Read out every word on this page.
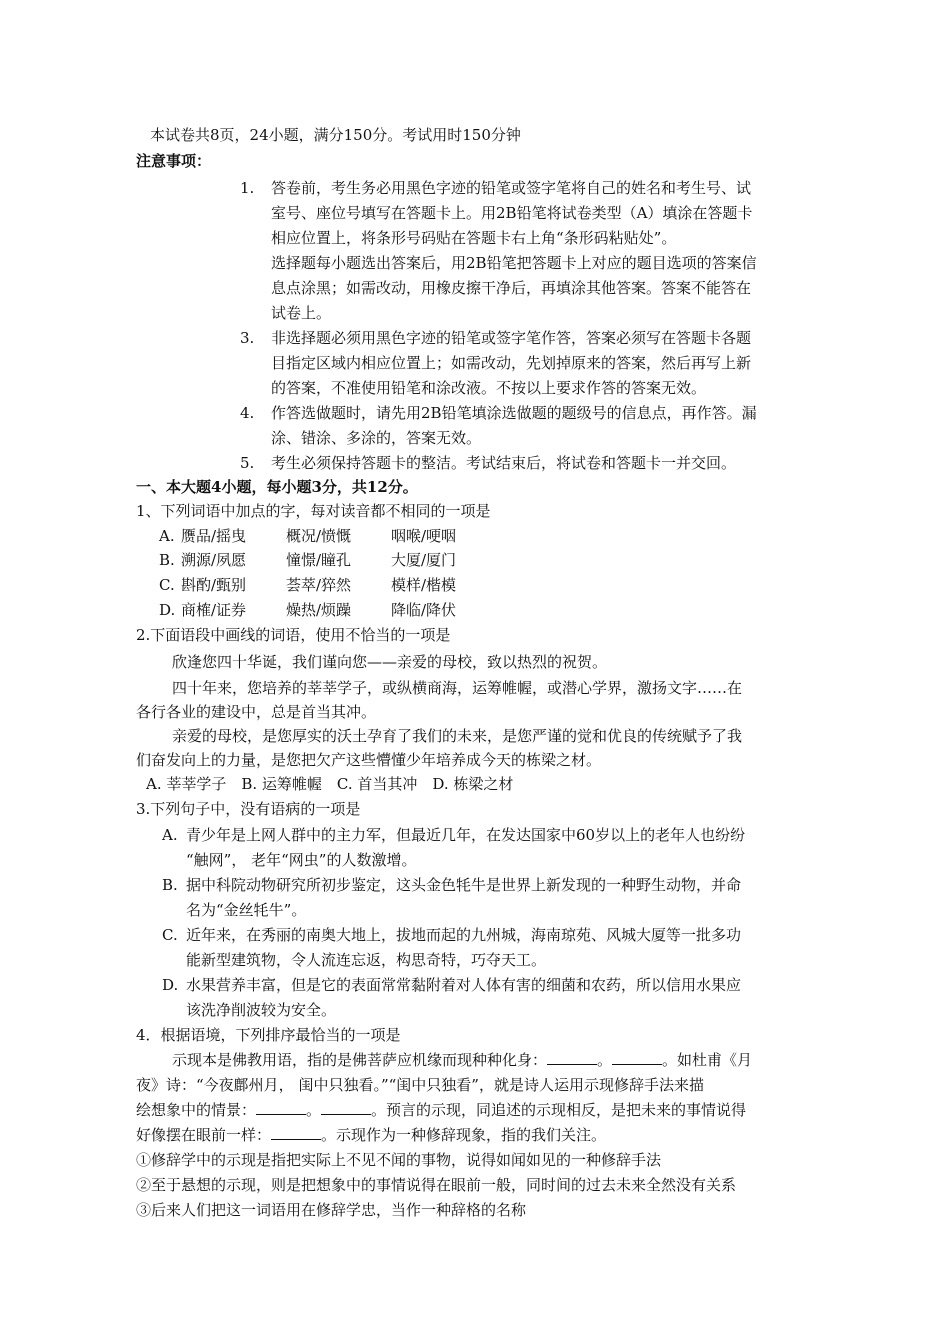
本试卷共8页，24小题，满分150分。考试用时150分钟
注意事项：
1. 答卷前，考生务必用黑色字迹的铅笔或签字笔将自己的姓名和考生号、试
室号、座位号填写在答题卡上。用2B铅笔将试卷类型（A）填涂在答题卡
相应位置上，将条形号码贴在答题卡右上角“条形码粘贴处”。
选择题每小题选出答案后，用2B铅笔把答题卡上对应的题目选项的答案信
息点涂黑；如需改动，用橡皮擦干净后，再填涂其他答案。答案不能答在
试卷上。
3. 非选择题必须用黑色字迹的铅笔或签字笔作答，答案必须写在答题卡各题
目指定区域内相应位置上；如需改动，先划掉原来的答案，然后再写上新
的答案，不准使用铅笔和涂改液。不按以上要求作答的答案无效。
4. 作答选做题时，请先用2B铅笔填涂选做题的题级号的信息点，再作答。漏
涂、错涂、多涂的，答案无效。
5. 考生必须保持答题卡的整洁。考试结束后，将试卷和答题卡一并交回。
一、本大题4小题，每小题3分，共12分。
1、下列词语中加点的字，每对读音都不相同的一项是
A. 赝品/摇曳	概况/愤慨	咽喉/哽咽
B. 溯源/夙愿	憧憬/瞳孔	大厦/厦门
C. 斟酌/甄别	荟萃/猝然	模样/楷模
D. 商榷/证券	燥热/烦躁	降临/降伏
2.下面语段中画线的词语，使用不恰当的一项是
欣逢您四十华诞，我们谨向您——亲爱的母校，致以热烈的祝贺。
四十年来，您培养的莘莘学子，或纵横商海，运筹帷幄，或潜心学界，激扬文字……在
各行各业的建设中，总是首当其冲。
亲爱的母校，是您厚实的沃土孕育了我们的未来，是您严谨的觉和优良的传统赋予了我
们奋发向上的力量，是您把欠产这些懵懂少年培养成今天的栋梁之材。
A. 莘莘学子　B. 运筹帷幄　C. 首当其冲　D. 栋梁之材
3.下列句子中，没有语病的一项是
A. 青少年是上网人群中的主力军，但最近几年，在发达国家中60岁以上的老年人也纷纷
“触网”， 老年“网虫”的人数激增。
B. 据中科院动物研究所初步鉴定，这头金色牦牛是世界上新发现的一种野生动物，并命
名为“金丝牦牛”。
C. 近年来，在秀丽的南奥大地上，拔地而起的九州城，海南琼苑、风城大厦等一批多功
能新型建筑物，令人流连忘返，构思奇特，巧夺天工。
D. 水果营养丰富，但是它的表面常常黏附着对人体有害的细菌和农药，所以信用水果应
该洗净削波较为安全。
4．根据语境，下列排序最恰当的一项是
示现本是佛教用语，指的是佛菩萨应机缘而现种种化身：	。	。如杜甫《月
夜》诗：“今夜鄜州月， 闺中只独看。”“闺中只独看”，就是诗人运用示现修辞手法来描
绘想象中的情景：	。	。预言的示现，同追述的示现相反，是把未来的事情说得
好像摆在眼前一样：	。示现作为一种修辞现象，指的我们关注。
①修辞学中的示现是指把实际上不见不闻的事物，说得如闻如见的一种修辞手法
②至于悬想的示现，则是把想象中的事情说得在眼前一般，同时间的过去未来全然没有关系
③后来人们把这一词语用在修辞学忠，当作一种辞格的名称
